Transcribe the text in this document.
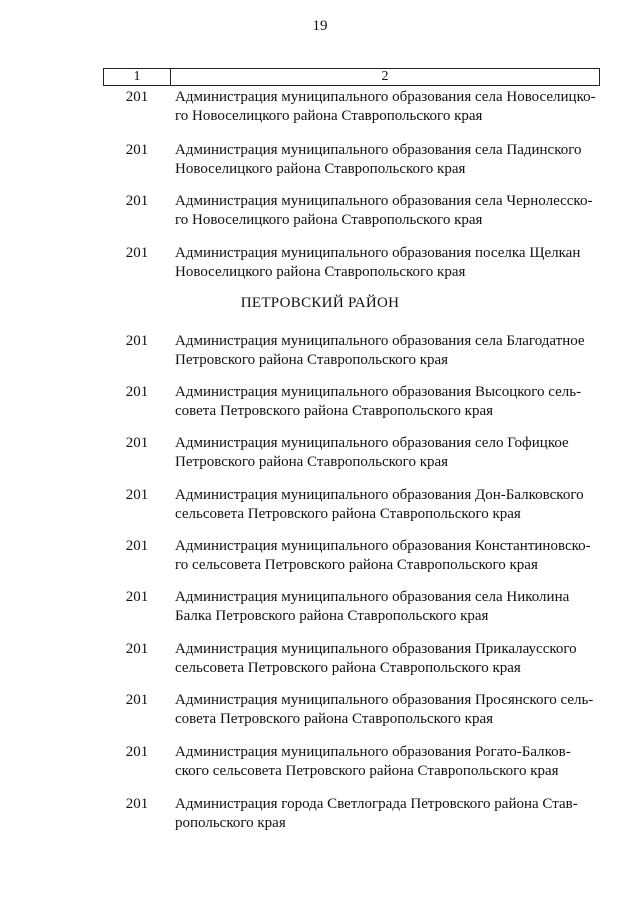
19
1	2
201	Администрация муниципального образования села Новоселицко-
го Новоселицкого района Ставропольского края
201	Администрация муниципального образования села Падинского
Новоселицкого района Ставропольского края
201	Администрация муниципального образования села Чернолесско-
го Новоселицкого района Ставропольского края
201	Администрация муниципального образования поселка Щелкан
Новоселицкого района Ставропольского края
ПЕТРОВСКИЙ РАЙОН
201	Администрация муниципального образования села Благодатное
Петровского района Ставропольского края
201	Администрация муниципального образования Высоцкого сель-
совета Петровского района Ставропольского края
201	Администрация муниципального образования село Гофицкое
Петровского района Ставропольского края
201	Администрация муниципального образования Дон-Балковского
сельсовета Петровского района Ставропольского края
201	Администрация муниципального образования Константиновско-
го сельсовета Петровского района Ставропольского края
201	Администрация муниципального образования села Николина
Балка Петровского района Ставропольского края
201	Администрация муниципального образования Прикалаусского
сельсовета Петровского района Ставропольского края
201	Администрация муниципального образования Просянского сель-
совета Петровского района Ставропольского края
201	Администрация муниципального образования Рогато-Балков-
ского сельсовета Петровского района Ставропольского края
201	Администрация города Светлограда Петровского района Став-
ропольского края
